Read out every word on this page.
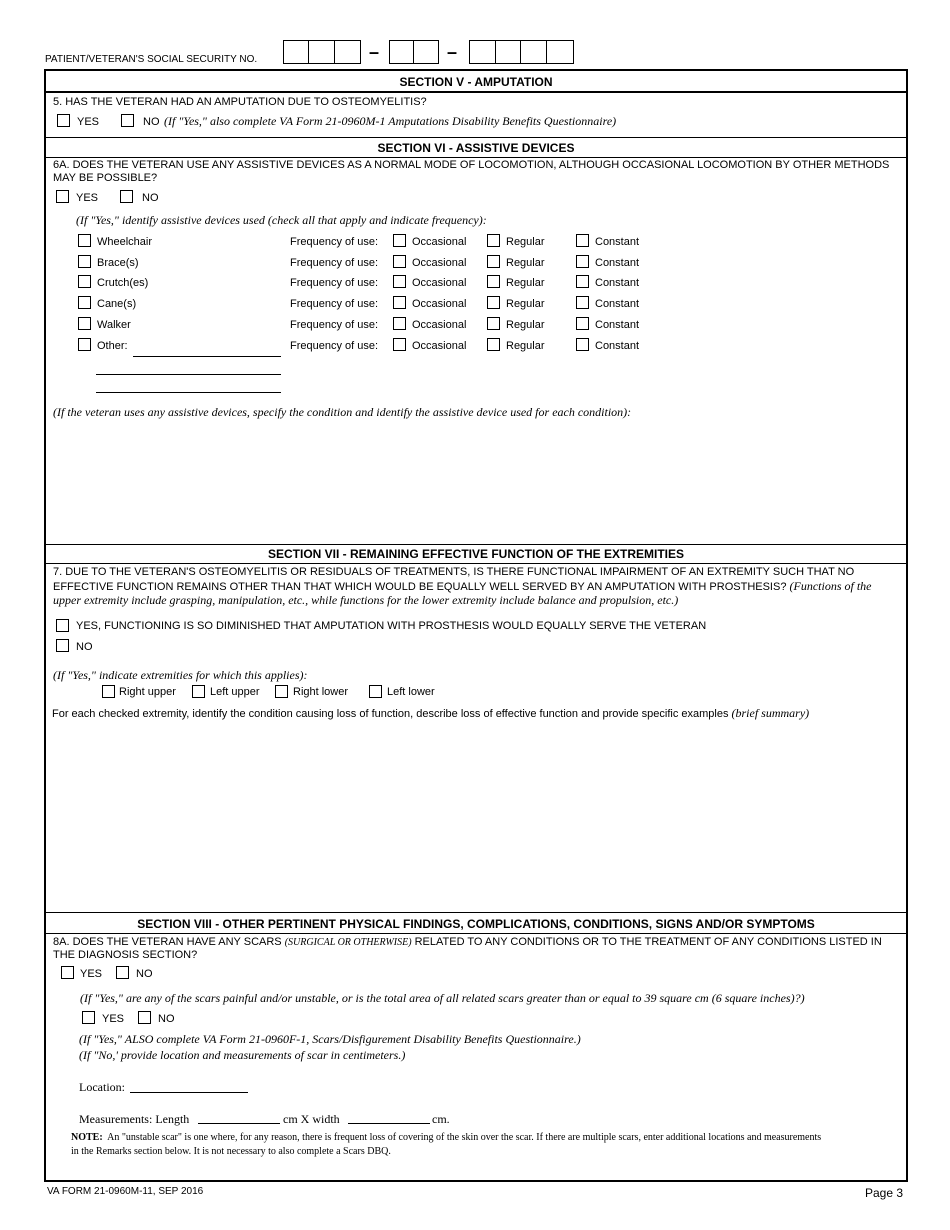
PATIENT/VETERAN'S SOCIAL SECURITY NO.	–	–
SECTION V - AMPUTATION
5. HAS THE VETERAN HAD AN AMPUTATION DUE TO OSTEOMYELITIS?
YES	NO (If "Yes," also complete VA Form 21-0960M-1 Amputations Disability Benefits Questionnaire)
SECTION VI - ASSISTIVE DEVICES
6A. DOES THE VETERAN USE ANY ASSISTIVE DEVICES AS A NORMAL MODE OF LOCOMOTION, ALTHOUGH OCCASIONAL LOCOMOTION BY OTHER METHODS
MAY BE POSSIBLE?
YES	NO
(If "Yes," identify assistive devices used (check all that apply and indicate frequency):
Wheelchair	Frequency of use:	Occasional	Regular	Constant
Brace(s)	Frequency of use:	Occasional	Regular	Constant
Crutch(es)	Frequency of use:	Occasional	Regular	Constant
Cane(s)	Frequency of use:	Occasional	Regular	Constant
Walker	Frequency of use:	Occasional	Regular	Constant
Other:	Frequency of use:	Occasional	Regular	Constant
(If the veteran uses any assistive devices, specify the condition and identify the assistive device used for each condition):
SECTION VII - REMAINING EFFECTIVE FUNCTION OF THE EXTREMITIES
7. DUE TO THE VETERAN'S OSTEOMYELITIS OR RESIDUALS OF TREATMENTS, IS THERE FUNCTIONAL IMPAIRMENT OF AN EXTREMITY SUCH THAT NO
EFFECTIVE FUNCTION REMAINS OTHER THAN THAT WHICH WOULD BE EQUALLY WELL SERVED BY AN AMPUTATION WITH PROSTHESIS? (Functions of the
upper extremity include grasping, manipulation, etc., while functions for the lower extremity include balance and propulsion, etc.)
YES, FUNCTIONING IS SO DIMINISHED THAT AMPUTATION WITH PROSTHESIS WOULD EQUALLY SERVE THE VETERAN
NO
(If "Yes," indicate extremities for which this applies):
Right upper	Left upper	Right lower	Left lower
For each checked extremity, identify the condition causing loss of function, describe loss of effective function and provide specific examples (brief summary)
SECTION VIII - OTHER PERTINENT PHYSICAL FINDINGS, COMPLICATIONS, CONDITIONS, SIGNS AND/OR SYMPTOMS
8A. DOES THE VETERAN HAVE ANY SCARS (SURGICAL OR OTHERWISE) RELATED TO ANY CONDITIONS OR TO THE TREATMENT OF ANY CONDITIONS LISTED IN
THE DIAGNOSIS SECTION?
YES	NO
(If "Yes," are any of the scars painful and/or unstable, or is the total area of all related scars greater than or equal to 39 square cm (6 square inches)?)
YES	NO
(If "Yes," ALSO complete VA Form 21-0960F-1, Scars/Disfigurement Disability Benefits Questionnaire.)
(If "No,' provide location and measurements of scar in centimeters.)
Location:
Measurements: Length	cm X width	cm.
NOTE: An "unstable scar" is one where, for any reason, there is frequent loss of covering of the skin over the scar. If there are multiple scars, enter additional locations and measurements
in the Remarks section below. It is not necessary to also complete a Scars DBQ.
VA FORM 21-0960M-11, SEP 2016	Page 3
